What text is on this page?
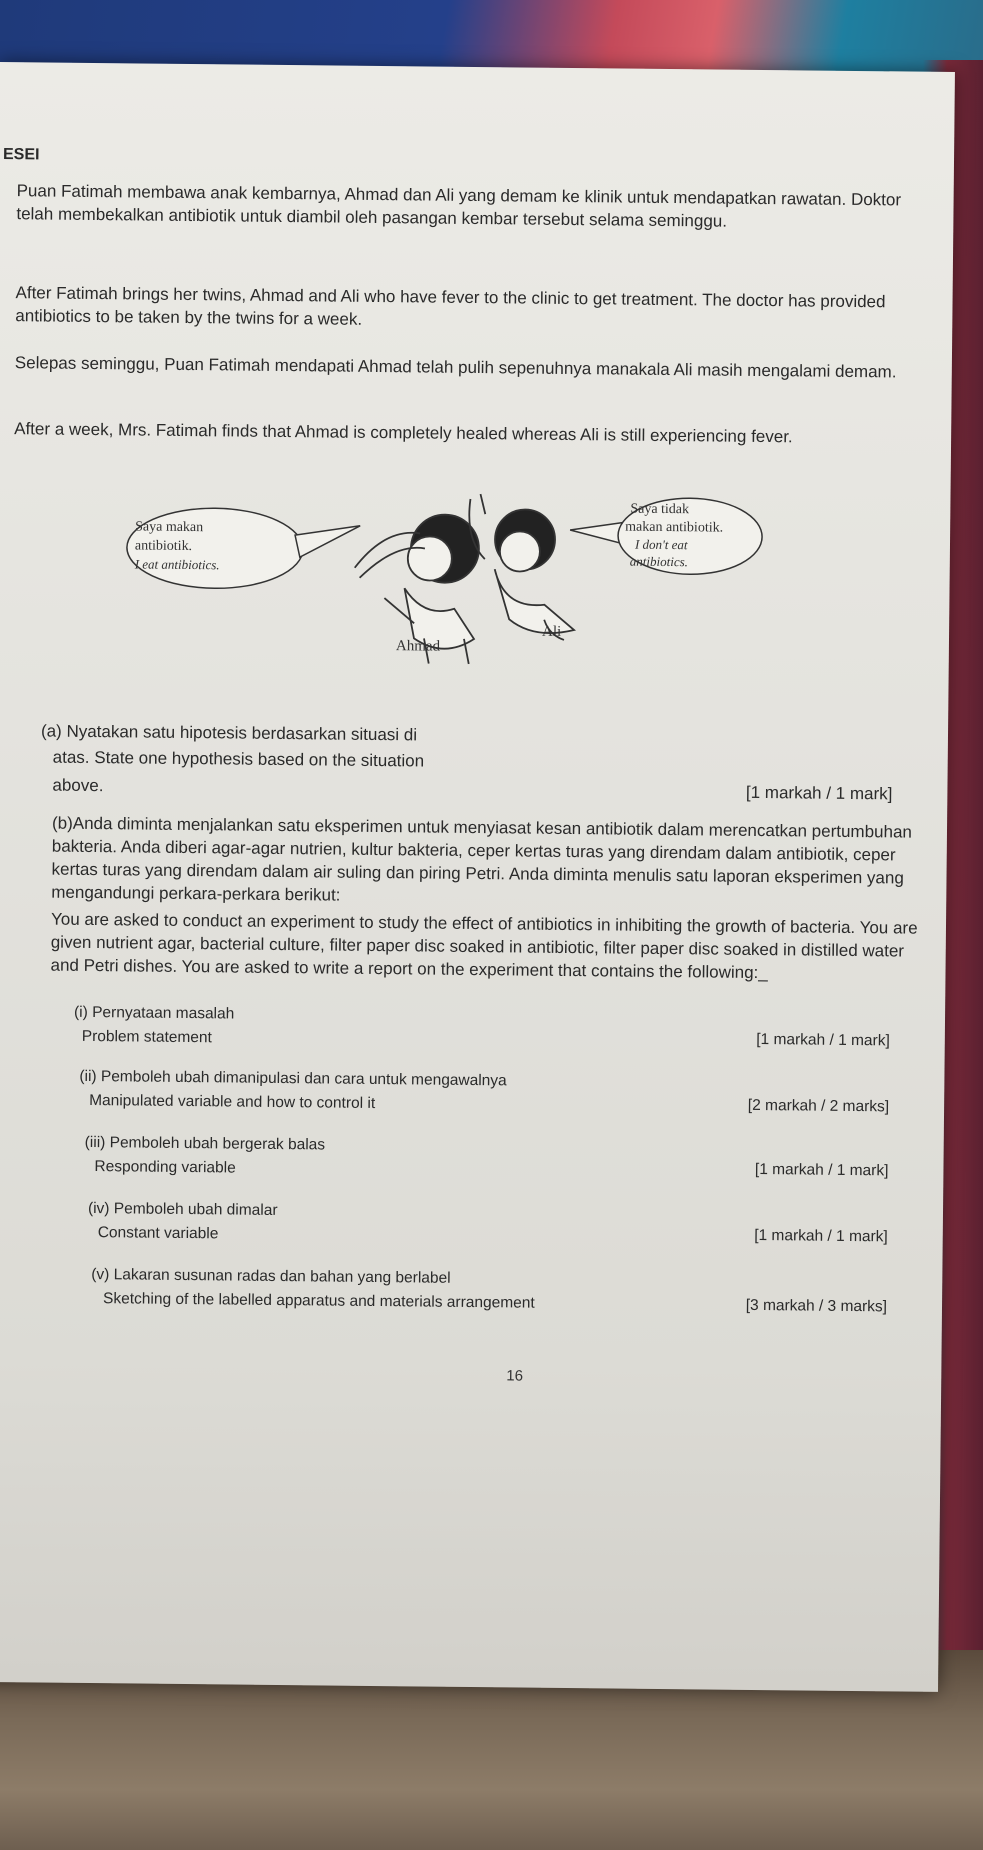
ESEI
Puan Fatimah membawa anak kembarnya, Ahmad dan Ali yang demam ke klinik untuk mendapatkan rawatan. Doktor telah membekalkan antibiotik untuk diambil oleh pasangan kembar tersebut selama seminggu.
After Fatimah brings her twins, Ahmad and Ali who have fever to the clinic to get treatment. The doctor has provided antibiotics to be taken by the twins for a week.
Selepas seminggu, Puan Fatimah mendapati Ahmad telah pulih sepenuhnya manakala Ali masih mengalami demam.
After a week, Mrs. Fatimah finds that Ahmad is completely healed whereas Ali is still experiencing fever.
Saya makan
antibiotik.
I eat antibiotics.
Ahmad
Ali
Saya tidak
makan antibiotik.
I don't eat
antibiotics.
(a) Nyatakan satu hipotesis berdasarkan situasi di
atas. State one hypothesis based on the situation
above.	[1 markah / 1 mark]
(b)Anda diminta menjalankan satu eksperimen untuk menyiasat kesan antibiotik dalam merencatkan pertumbuhan bakteria. Anda diberi agar-agar nutrien, kultur bakteria, ceper kertas turas yang direndam dalam antibiotik, ceper kertas turas yang direndam dalam air suling dan piring Petri. Anda diminta menulis satu laporan eksperimen yang mengandungi perkara-perkara berikut:
You are asked to conduct an experiment to study the effect of antibiotics in inhibiting the growth of bacteria. You are given nutrient agar, bacterial culture, filter paper disc soaked in antibiotic, filter paper disc soaked in distilled water and Petri dishes. You are asked to write a report on the experiment that contains the following:_
(i) Pernyataan masalah
Problem statement	[1 markah / 1 mark]
(ii) Pemboleh ubah dimanipulasi dan cara untuk mengawalnya
Manipulated variable and how to control it	[2 markah / 2 marks]
(iii) Pemboleh ubah bergerak balas
Responding variable	[1 markah / 1 mark]
(iv) Pemboleh ubah dimalar
Constant variable	[1 markah / 1 mark]
(v) Lakaran susunan radas dan bahan yang berlabel
Sketching of the labelled apparatus and materials arrangement	[3 markah / 3 marks]
16
